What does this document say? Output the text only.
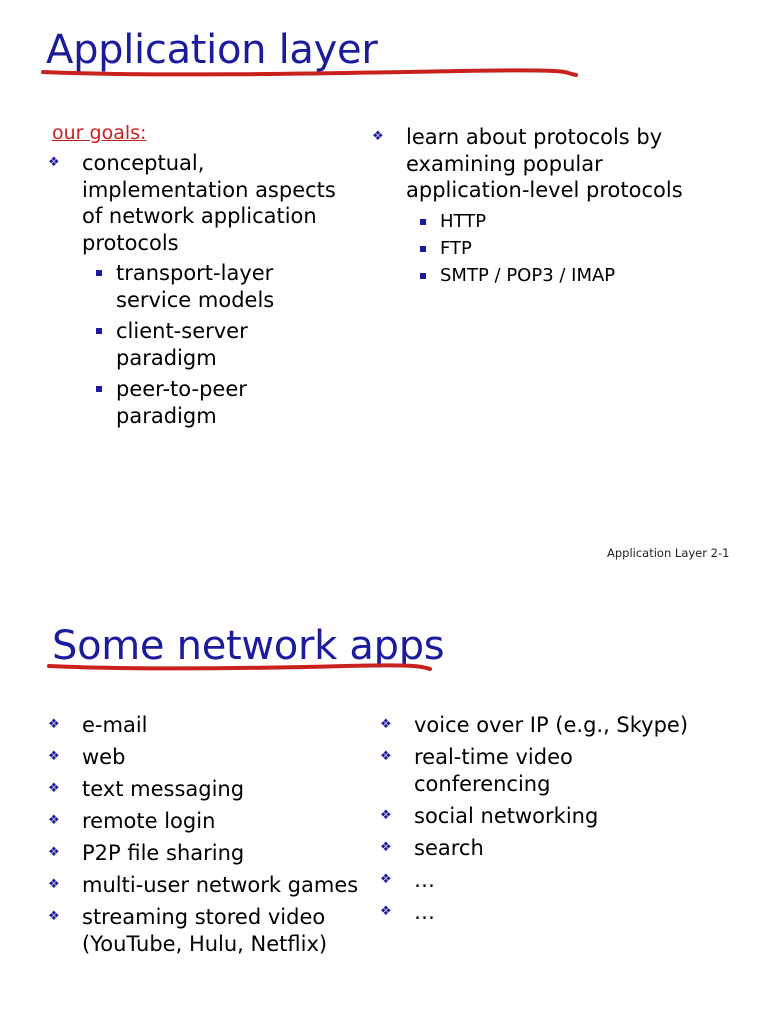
Application layer
our goals:
❖ conceptual, implementation aspects of network application protocols
transport-layer service models
client-server paradigm
peer-to-peer paradigm
❖ learn about protocols by examining popular application-level protocols
HTTP
FTP
SMTP / POP3 / IMAP
Application Layer 2-1
Some network apps
❖ e-mail
❖ web
❖ text messaging
❖ remote login
❖ P2P file sharing
❖ multi-user network games
❖ streaming stored video (YouTube, Hulu, Netflix)
❖ voice over IP (e.g., Skype)
❖ real-time video conferencing
❖ social networking
❖ search
❖ …
❖ …
